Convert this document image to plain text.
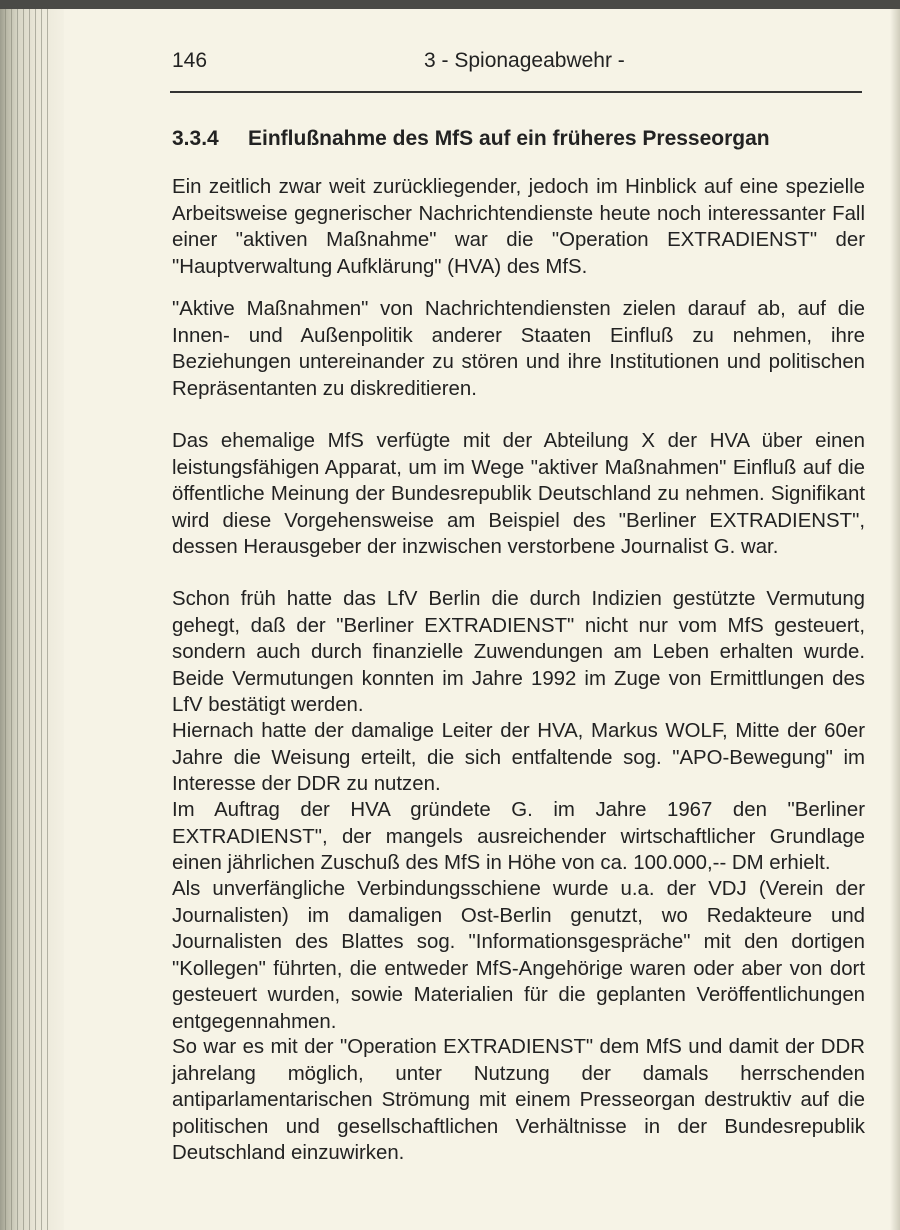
146	3 - Spionageabwehr -
3.3.4 Einflußnahme des MfS auf ein früheres Presseorgan

Ein zeitlich zwar weit zurückliegender, jedoch im Hinblick auf eine spezielle Arbeitsweise gegnerischer Nachrichtendienste heute noch interessanter Fall einer "aktiven Maßnahme" war die "Operation EXTRADIENST" der "Hauptverwaltung Aufklärung" (HVA) des MfS.

"Aktive Maßnahmen" von Nachrichtendiensten zielen darauf ab, auf die Innen- und Außenpolitik anderer Staaten Einfluß zu nehmen, ihre Beziehungen untereinander zu stören und ihre Institutionen und politischen Repräsentanten zu diskreditieren.

Das ehemalige MfS verfügte mit der Abteilung X der HVA über einen leistungsfähigen Apparat, um im Wege "aktiver Maßnahmen" Einfluß auf die öffentliche Meinung der Bundesrepublik Deutschland zu nehmen. Signifikant wird diese Vorgehensweise am Beispiel des "Berliner EXTRADIENST", dessen Herausgeber der inzwischen verstorbene Journalist G. war.

Schon früh hatte das LfV Berlin die durch Indizien gestützte Vermutung gehegt, daß der "Berliner EXTRADIENST" nicht nur vom MfS gesteuert, sondern auch durch finanzielle Zuwendungen am Leben erhalten wurde. Beide Vermutungen konnten im Jahre 1992 im Zuge von Ermittlungen des LfV bestätigt werden.

Hiernach hatte der damalige Leiter der HVA, Markus WOLF, Mitte der 60er Jahre die Weisung erteilt, die sich entfaltende sog. "APO-Bewegung" im Interesse der DDR zu nutzen.

Im Auftrag der HVA gründete G. im Jahre 1967 den "Berliner EXTRADIENST", der mangels ausreichender wirtschaftlicher Grundlage einen jährlichen Zuschuß des MfS in Höhe von ca. 100.000,-- DM erhielt.

Als unverfängliche Verbindungsschiene wurde u.a. der VDJ (Verein der Journalisten) im damaligen Ost-Berlin genutzt, wo Redakteure und Journalisten des Blattes sog. "Informationsgespräche" mit den dortigen "Kollegen" führten, die entweder MfS-Angehörige waren oder aber von dort gesteuert wurden, sowie Materialien für die geplanten Veröffentlichungen entgegennahmen.

So war es mit der "Operation EXTRADIENST" dem MfS und damit der DDR jahrelang möglich, unter Nutzung der damals herrschenden antiparlamentarischen Strömung mit einem Presseorgan destruktiv auf die politischen und gesellschaftlichen Verhältnisse in der Bundesrepublik Deutschland einzuwirken.
